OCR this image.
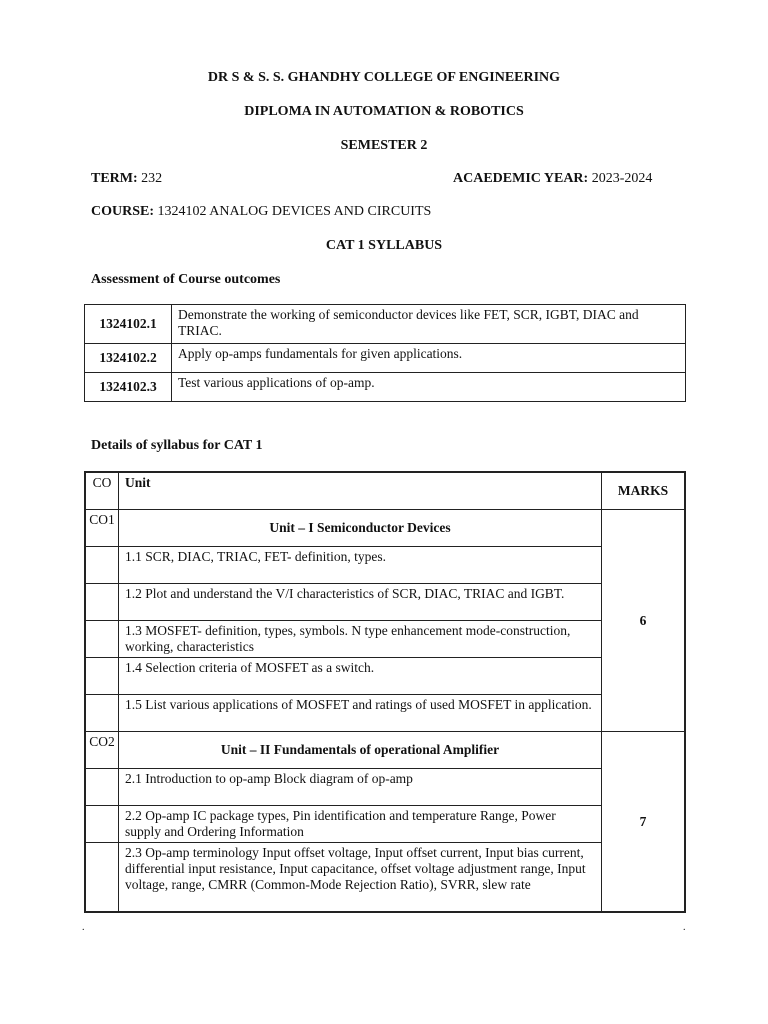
DR S & S. S. GHANDHY COLLEGE OF ENGINEERING
DIPLOMA IN AUTOMATION & ROBOTICS
SEMESTER 2
TERM: 232	ACAEDEMIC YEAR: 2023-2024
COURSE: 1324102 ANALOG DEVICES AND CIRCUITS
CAT 1 SYLLABUS
Assessment of Course outcomes
1324102.1	Demonstrate the working of semiconductor devices like FET, SCR, IGBT, DIAC and TRIAC.
1324102.2	Apply op-amps fundamentals for given applications.
1324102.3	Test various applications of op-amp.
Details of syllabus for CAT 1
CO	Unit	MARKS
CO1	Unit – I Semiconductor Devices	6
	1.1 SCR, DIAC, TRIAC, FET- definition, types.	
	1.2 Plot and understand the V/I characteristics of SCR, DIAC, TRIAC and IGBT.	
	1.3 MOSFET- definition, types, symbols. N type enhancement mode-construction, working, characteristics	
	1.4 Selection criteria of MOSFET as a switch.	
	1.5 List various applications of MOSFET and ratings of used MOSFET in application.	
CO2	Unit – II Fundamentals of operational Amplifier	7
	2.1 Introduction to op-amp Block diagram of op-amp	
	2.2 Op-amp IC package types, Pin identification and temperature Range, Power supply and Ordering Information	
	2.3 Op-amp terminology Input offset voltage, Input offset current, Input bias current, differential input resistance, Input capacitance, offset voltage adjustment range, Input voltage, range, CMRR (Common-Mode Rejection Ratio), SVRR, slew rate	
.	.
